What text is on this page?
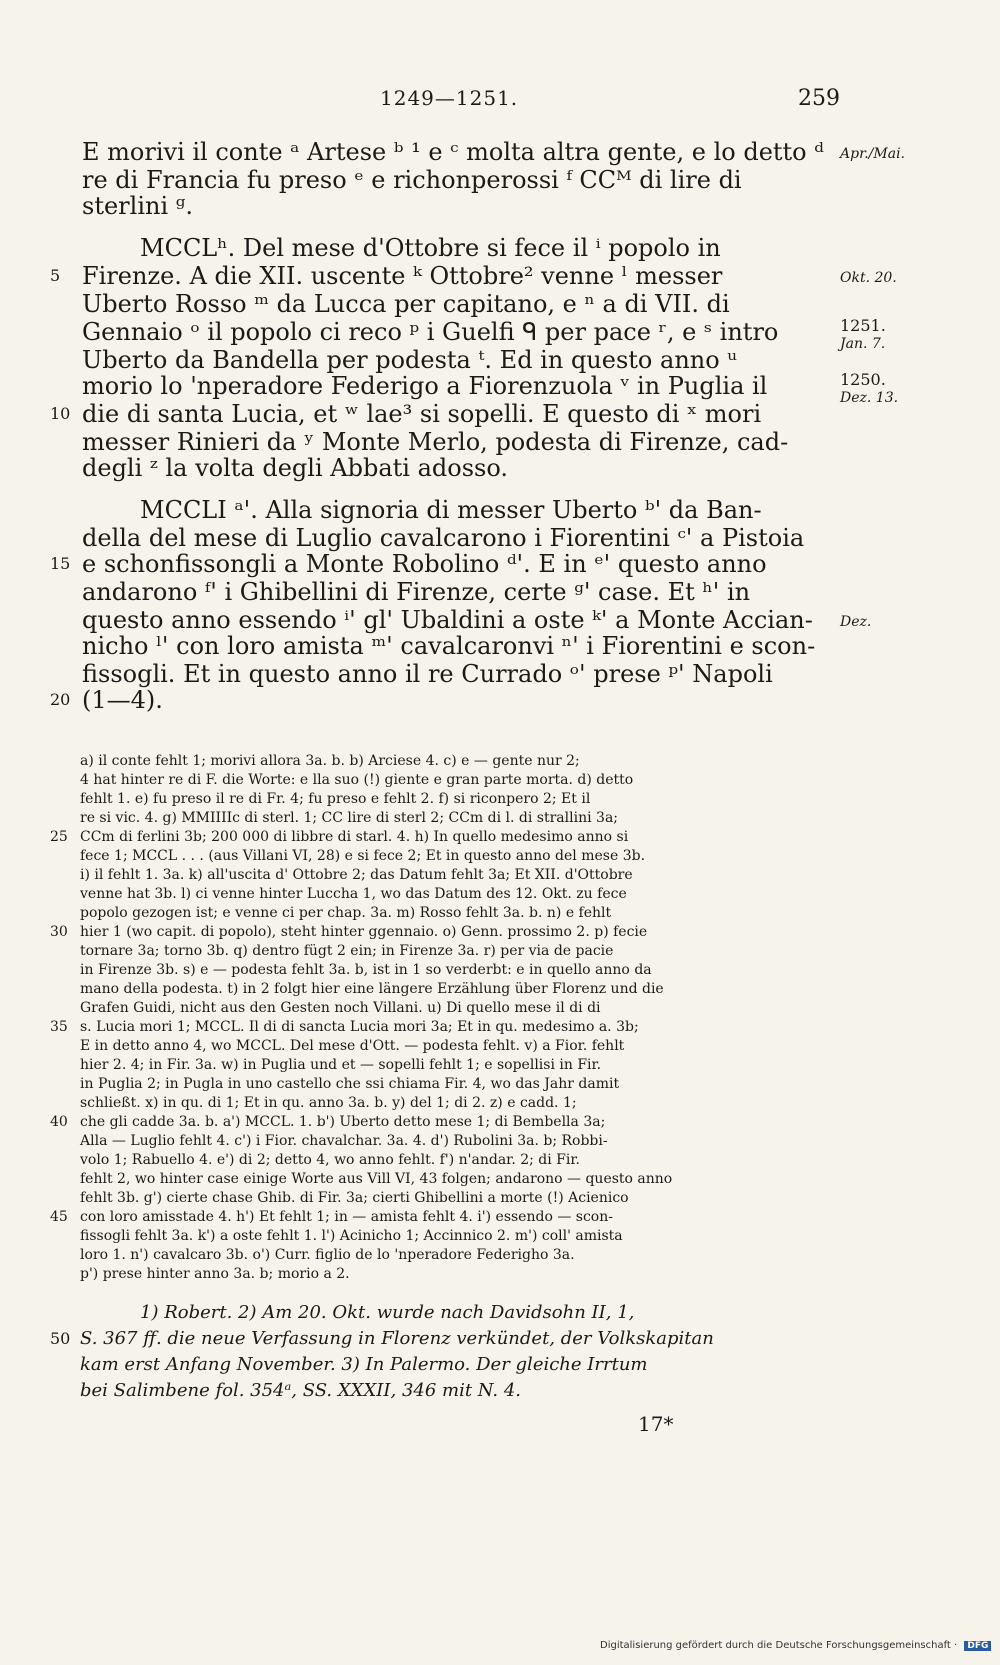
1249—1251.	259
E morivi il conte ᵃ Artese ᵇ ¹ e ᶜ molta altra gente, e lo detto ᵈ
re di Francia fu preso ᵉ e richonperossi ᶠ CCᴹ di lire di
sterlini ᵍ.
MCCLʰ. Del mese d'Ottobre si fece il ⁱ popolo in
Firenze. A die XII. uscente ᵏ Ottobre² venne ˡ messer
Uberto Rosso ᵐ da Lucca per capitano, e ⁿ a di VII. di
Gennaio ᵒ il popolo ci reco ᵖ i Guelfi ᑫ per pace ʳ, e ˢ intro
Uberto da Bandella per podesta ᵗ. Ed in questo anno ᵘ
morio lo 'nperadore Federigo a Fiorenzuola ᵛ in Puglia il
die di santa Lucia, et ʷ lae³ si sopelli. E questo di ˣ mori
messer Rinieri da ʸ Monte Merlo, podesta di Firenze, cad-
degli ᶻ la volta degli Abbati adosso.
MCCLI ᵃ'. Alla signoria di messer Uberto ᵇ' da Ban-
della del mese di Luglio cavalcarono i Fiorentini ᶜ' a Pistoia
e schonfissongli a Monte Robolino ᵈ'. E in ᵉ' questo anno
andarono ᶠ' i Ghibellini di Firenze, certe ᵍ' case. Et ʰ' in
questo anno essendo ⁱ' gl' Ubaldini a oste ᵏ' a Monte Accian-
nicho ˡ' con loro amista ᵐ' cavalcaronvi ⁿ' i Fiorentini e scon-
fissogli. Et in questo anno il re Currado ᵒ' prese ᵖ' Napoli
(1—4).
5
10
15
20
Apr./Mai.
Okt. 20.
1251.
Jan. 7.
1250.
Dez. 13.
Dez.
a) il conte fehlt 1; morivi allora 3a. b. b) Arciese 4. c) e — gente nur 2;
4 hat hinter re di F. die Worte: e lla suo (!) giente e gran parte morta. d) detto
fehlt 1. e) fu preso il re di Fr. 4; fu preso e fehlt 2. f) si riconpero 2; Et il
re si vic. 4. g) MMIIIIc di sterl. 1; CC lire di sterl 2; CCm di l. di strallini 3a;
CCm di ferlini 3b; 200 000 di libbre di starl. 4. h) In quello medesimo anno si
fece 1; MCCL . . . (aus Villani VI, 28) e si fece 2; Et in questo anno del mese 3b.
i) il fehlt 1. 3a. k) all'uscita d' Ottobre 2; das Datum fehlt 3a; Et XII. d'Ottobre
venne hat 3b. l) ci venne hinter Luccha 1, wo das Datum des 12. Okt. zu fece
popolo gezogen ist; e venne ci per chap. 3a. m) Rosso fehlt 3a. b. n) e fehlt
hier 1 (wo capit. di popolo), steht hinter ggennaio. o) Genn. prossimo 2. p) fecie
tornare 3a; torno 3b. q) dentro fügt 2 ein; in Firenze 3a. r) per via de pacie
in Firenze 3b. s) e — podesta fehlt 3a. b, ist in 1 so verderbt: e in quello anno da
mano della podesta. t) in 2 folgt hier eine längere Erzählung über Florenz und die
Grafen Guidi, nicht aus den Gesten noch Villani. u) Di quello mese il di di
s. Lucia mori 1; MCCL. Il di di sancta Lucia mori 3a; Et in qu. medesimo a. 3b;
E in detto anno 4, wo MCCL. Del mese d'Ott. — podesta fehlt. v) a Fior. fehlt
hier 2. 4; in Fir. 3a. w) in Puglia und et — sopelli fehlt 1; e sopellisi in Fir.
in Puglia 2; in Pugla in uno castello che ssi chiama Fir. 4, wo das Jahr damit
schließt. x) in qu. di 1; Et in qu. anno 3a. b. y) del 1; di 2. z) e cadd. 1;
che gli cadde 3a. b. a') MCCL. 1. b') Uberto detto mese 1; di Bembella 3a;
Alla — Luglio fehlt 4. c') i Fior. chavalchar. 3a. 4. d') Rubolini 3a. b; Robbi-
volo 1; Rabuello 4. e') di 2; detto 4, wo anno fehlt. f') n'andar. 2; di Fir.
fehlt 2, wo hinter case einige Worte aus Vill VI, 43 folgen; andarono — questo anno
fehlt 3b. g') cierte chase Ghib. di Fir. 3a; cierti Ghibellini a morte (!) Acienico
con loro amisstade 4. h') Et fehlt 1; in — amista fehlt 4. i') essendo — scon-
fissogli fehlt 3a. k') a oste fehlt 1. l') Acinicho 1; Accinnico 2. m') coll' amista
loro 1. n') cavalcaro 3b. o') Curr. figlio de lo 'nperadore Federigho 3a.
p') prese hinter anno 3a. b; morio a 2.
25
30
35
40
45
1) Robert. 2) Am 20. Okt. wurde nach Davidsohn II, 1,
S. 367 ff. die neue Verfassung in Florenz verkündet, der Volkskapitan
kam erst Anfang November. 3) In Palermo. Der gleiche Irrtum
bei Salimbene fol. 354ᵃ, SS. XXXII, 346 mit N. 4.
50
17*
Digitalisierung gefördert durch die Deutsche Forschungsgemeinschaft · DFG
